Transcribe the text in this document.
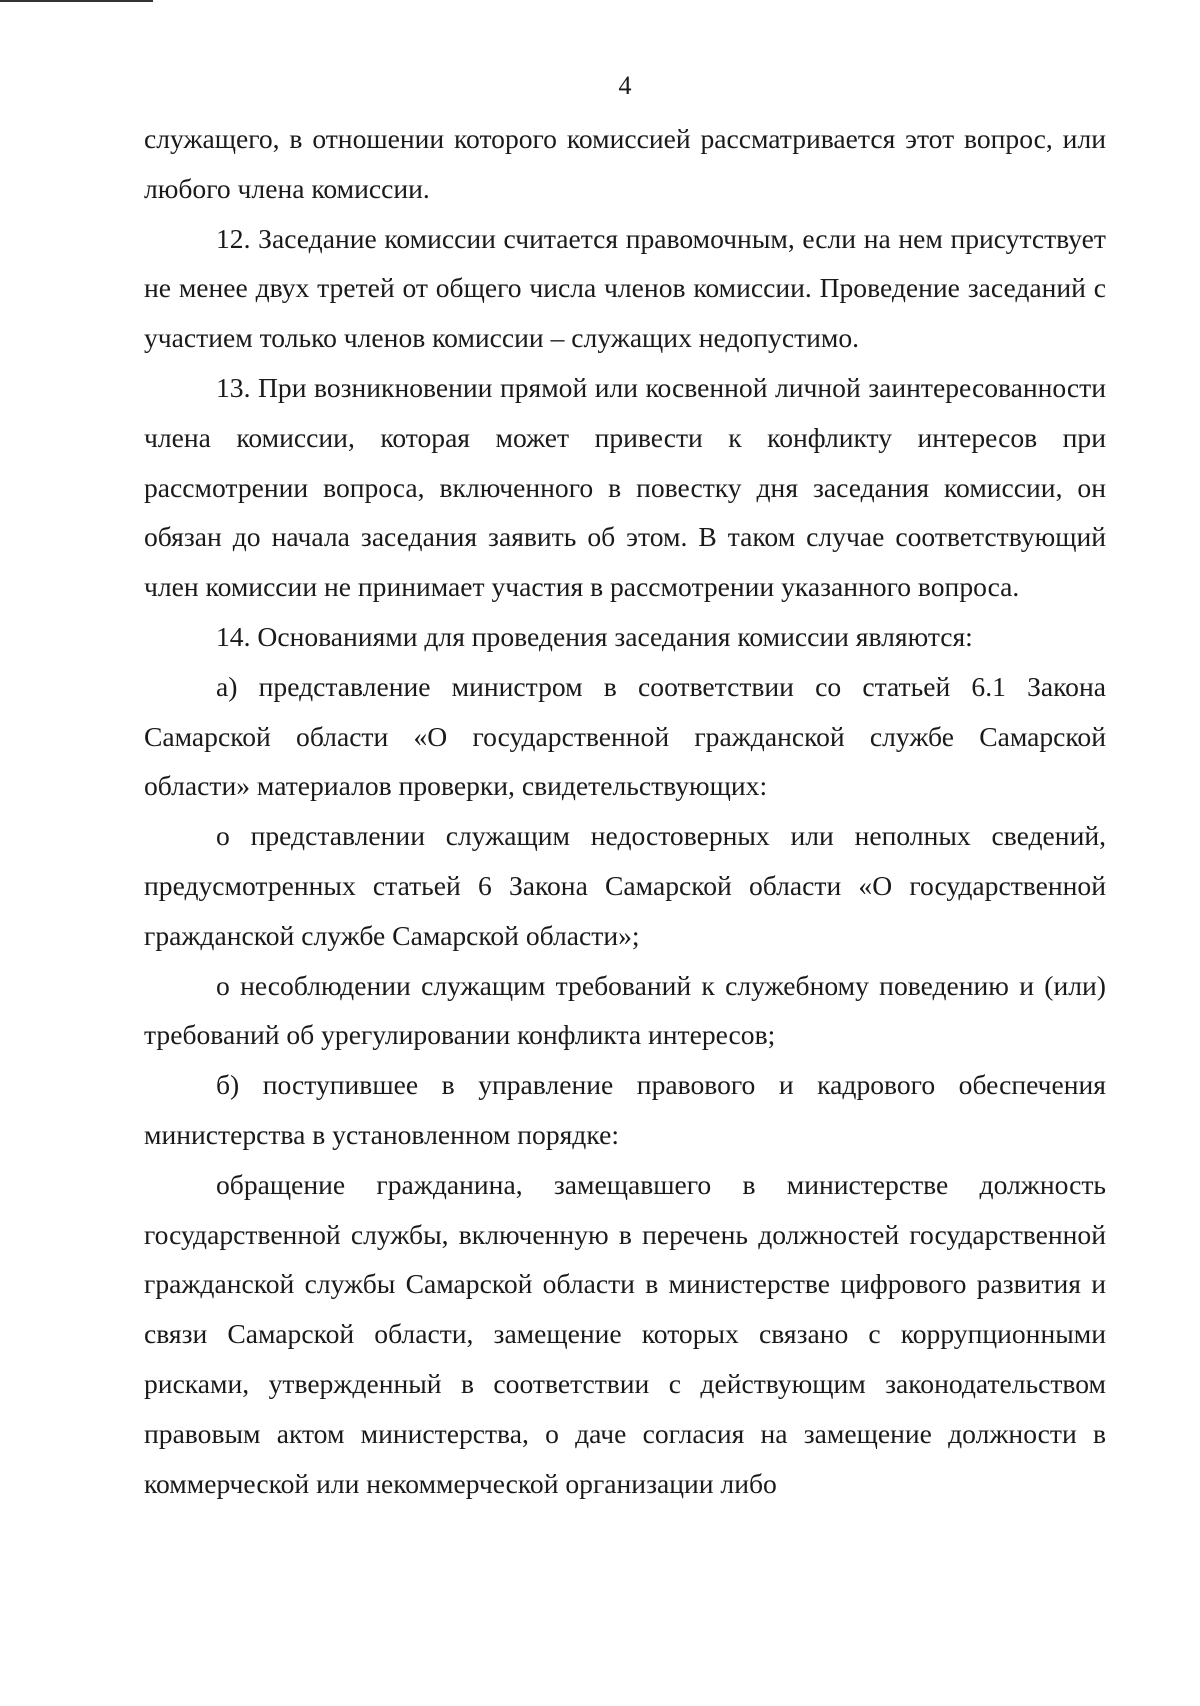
4

служащего, в отношении которого комиссией рассматривается этот вопрос, или любого члена комиссии.

12. Заседание комиссии считается правомочным, если на нем присутствует не менее двух третей от общего числа членов комиссии. Проведение заседаний с участием только членов комиссии – служащих недопустимо.

13. При возникновении прямой или косвенной личной заинтересованности члена комиссии, которая может привести к конфликту интересов при рассмотрении вопроса, включенного в повестку дня заседания комиссии, он обязан до начала заседания заявить об этом. В таком случае соответствующий член комиссии не принимает участия в рассмотрении указанного вопроса.

14. Основаниями для проведения заседания комиссии являются:

а) представление министром в соответствии со статьей 6.1 Закона Самарской области «О государственной гражданской службе Самарской области» материалов проверки, свидетельствующих:

о представлении служащим недостоверных или неполных сведений, предусмотренных статьей 6 Закона Самарской области «О государственной гражданской службе Самарской области»;

о несоблюдении служащим требований к служебному поведению и (или) требований об урегулировании конфликта интересов;

б) поступившее в управление правового и кадрового обеспечения министерства в установленном порядке:

обращение гражданина, замещавшего в министерстве должность государственной службы, включенную в перечень должностей государственной гражданской службы Самарской области в министерстве цифрового развития и связи Самарской области, замещение которых связано с коррупционными рисками, утвержденный в соответствии с действующим законодательством правовым актом министерства, о даче согласия на замещение должности в коммерческой или некоммерческой организации либо
